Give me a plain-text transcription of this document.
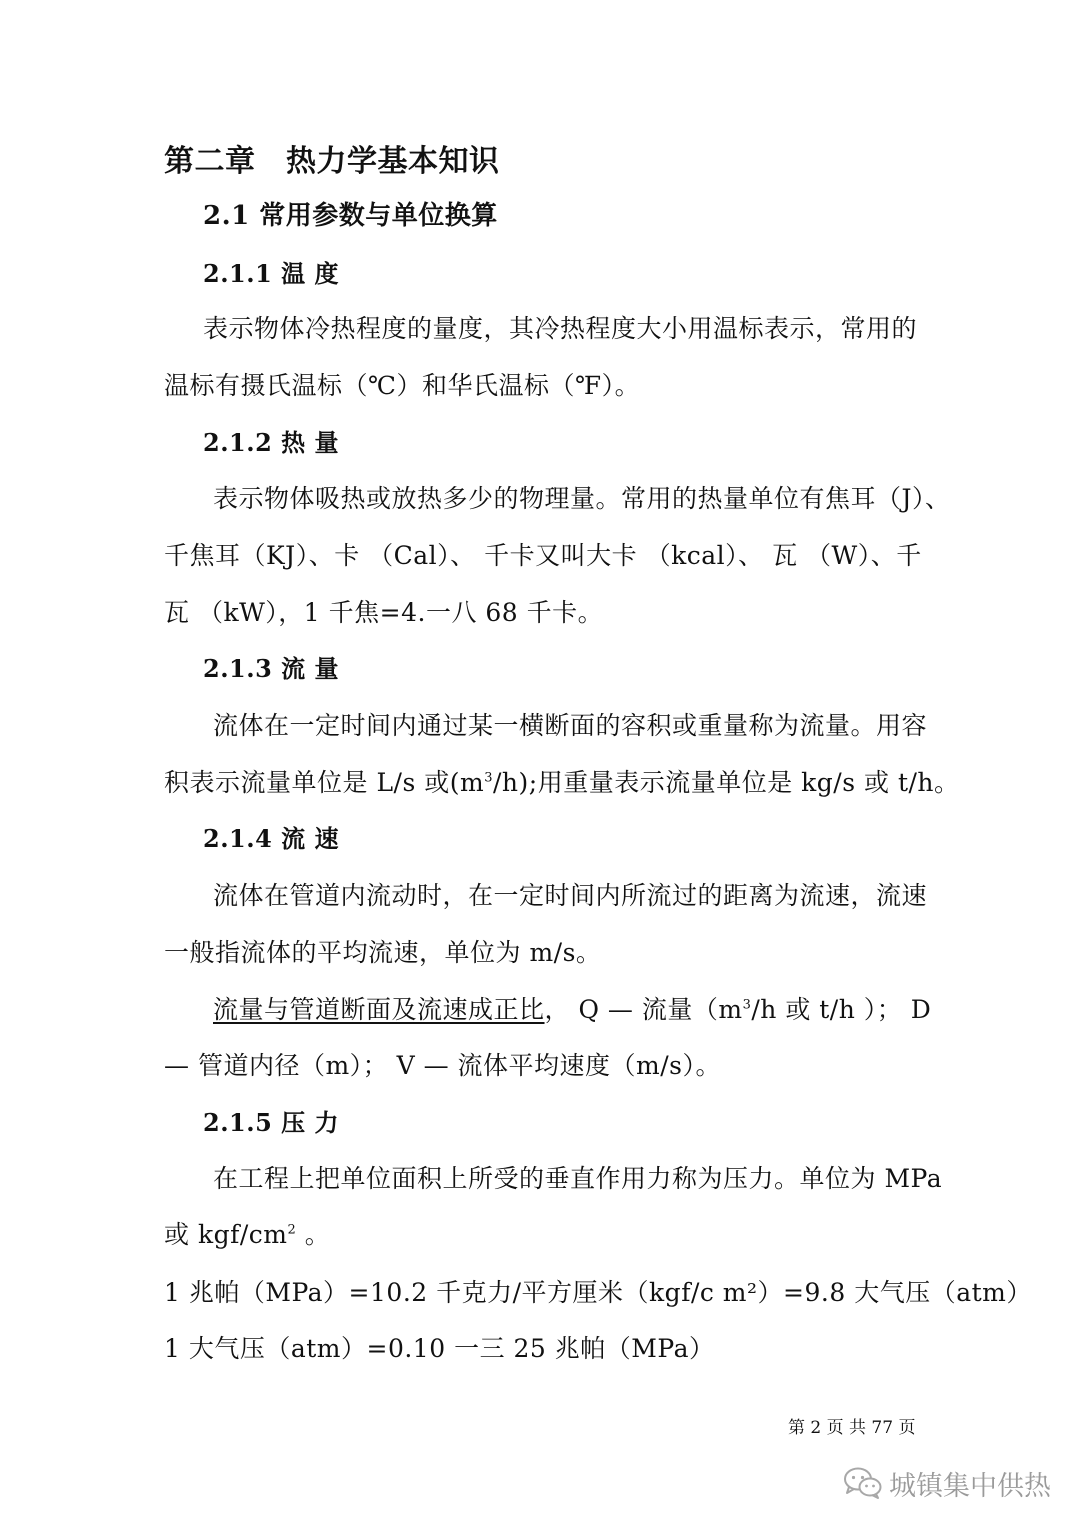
第二章　热力学基本知识
2.1 常用参数与单位换算
2.1.1 温 度
表示物体冷热程度的量度，其冷热程度大小用温标表示，常用的
温标有摄氏温标（℃）和华氏温标（℉）。
2.1.2 热 量
表示物体吸热或放热多少的物理量。常用的热量单位有焦耳（J）、
千焦耳（KJ）、卡 （Cal）、 千卡又叫大卡 （kcal）、 瓦 （W）、千
瓦 （kW），1 千焦=4.一八 68 千卡。
2.1.3 流 量
流体在一定时间内通过某一横断面的容积或重量称为流量。用容
积表示流量单位是 L/s 或$(m^3/h)$;用重量表示流量单位是 kg/s 或 t/h。
2.1.4 流 速
流体在管道内流动时，在一定时间内所流过的距离为流速，流速
一般指流体的平均流速，单位为 m/s。
流量与管道断面及流速成正比， Q — 流量（$m^3/h$ 或 t/h ）； D
— 管道内径（m）； V — 流体平均速度（m/s）。
2.1.5 压 力
在工程上把单位面积上所受的垂直作用力称为压力。单位为 MPa
或 kgf/$cm^2$ 。
1 兆帕（MPa）=10.2 千克力/平方厘米（kgf/c m²）=9.8 大气压（atm）
1 大气压（atm）=0.10 一三 25 兆帕（MPa）
第 2 页 共 77 页
城镇集中供热
